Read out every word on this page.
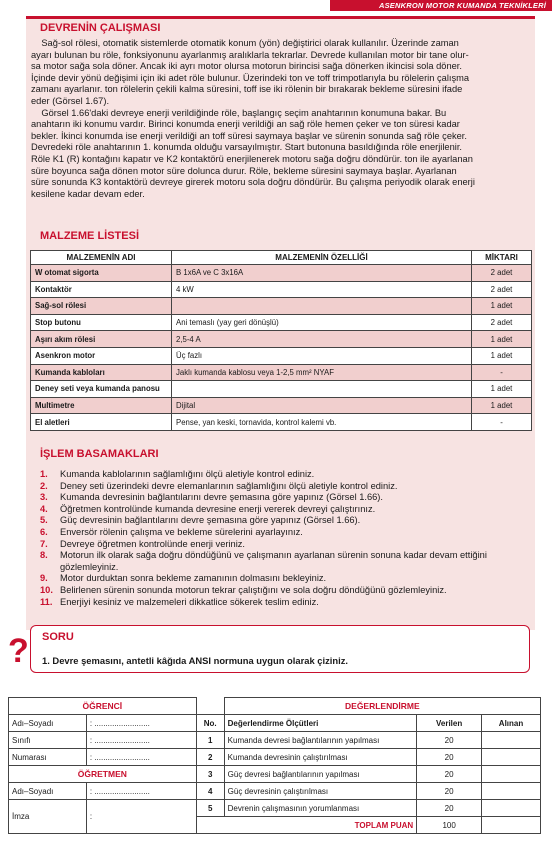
ASENKRON MOTOR KUMANDA TEKNİKLERİ
DEVRENİN ÇALIŞMASI
Sağ-sol rölesi, otomatik sistemlerde otomatik konum (yön) değiştirici olarak kullanılır. Üzerinde zaman
ayarı bulunan bu röle, fonksiyonunu ayarlanmış aralıklarla tekrarlar. Devrede kullanılan motor bir tane olur-
sa motor sağa sola döner. Ancak iki ayrı motor olursa motorun birincisi sağa dönerken ikincisi sola döner.
İçinde devir yönü değişimi için iki adet röle bulunur. Üzerindeki ton ve toff trimpotlarıyla bu rölelerin çalışma
zamanı ayarlanır. ton rölelerin çekili kalma süresini, toff ise iki rölenin bir bırakarak bekleme süresini ifade
eder (Görsel 1.67).
Görsel 1.66'daki devreye enerji verildiğinde röle, başlangıç seçim anahtarının konumuna bakar. Bu
anahtarın iki konumu vardır. Birinci konumda enerji verildiği an sağ röle hemen çeker ve ton süresi kadar
bekler. İkinci konumda ise enerji verildiği an toff süresi saymaya başlar ve sürenin sonunda sağ röle çeker.
Devredeki röle anahtarının 1. konumda olduğu varsayılmıştır. Start butonuna basıldığında röle enerjilenir.
Röle K1 (R) kontağını kapatır ve K2 kontaktörü enerjilenerek motoru sağa doğru döndürür. ton ile ayarlanan
süre boyunca sağa dönen motor süre dolunca durur. Röle, bekleme süresini saymaya başlar. Ayarlanan
süre sonunda K3 kontaktörü devreye girerek motoru sola doğru döndürür. Bu çalışma periyodik olarak enerji
kesilene kadar devam eder.
MALZEME LİSTESİ
MALZEMENİN ADI	MALZEMENİN ÖZELLİĞİ	MİKTARI
W otomat sigorta	B 1x6A ve C 3x16A	2 adet
Kontaktör	4 kW	2 adet
Sağ-sol rölesi		1 adet
Stop butonu	Ani temaslı (yay geri dönüşlü)	2 adet
Aşırı akım rölesi	2,5-4 A	1 adet
Asenkron motor	Üç fazlı	1 adet
Kumanda kabloları	Jaklı kumanda kablosu veya 1-2,5 mm² NYAF	-
Deney seti veya kumanda panosu		1 adet
Multimetre	Dijital	1 adet
El aletleri	Pense, yan keski, tornavida, kontrol kalemi vb.	-
İŞLEM BASAMAKLARI
1. Kumanda kablolarının sağlamlığını ölçü aletiyle kontrol ediniz.
2. Deney seti üzerindeki devre elemanlarının sağlamlığını ölçü aletiyle kontrol ediniz.
3. Kumanda devresinin bağlantılarını devre şemasına göre yapınız (Görsel 1.66).
4. Öğretmen kontrolünde kumanda devresine enerji vererek devreyi çalıştırınız.
5. Güç devresinin bağlantılarını devre şemasına göre yapınız (Görsel 1.66).
6. Enversör rölenin çalışma ve bekleme sürelerini ayarlayınız.
7. Devreye öğretmen kontrolünde enerji veriniz.
8. Motorun ilk olarak sağa doğru döndüğünü ve çalışmanın ayarlanan sürenin sonuna kadar devam ettiğini gözlemleyiniz.
9. Motor durduktan sonra bekleme zamanının dolmasını bekleyiniz.
10. Belirlenen sürenin sonunda motorun tekrar çalıştığını ve sola doğru döndüğünü gözlemleyiniz.
11. Enerjiyi kesiniz ve malzemeleri dikkatlice sökerek teslim ediniz.
? SORU
1. Devre şemasını, antetli kâğıda ANSI normuna uygun olarak çiziniz.
ÖĞRENCİ			DEĞERLENDİRME		
Adı–Soyadı	: .........................	No.	Değerlendirme Ölçütleri	Verilen	Alınan
Sınıfı	: .........................	1	Kumanda devresi bağlantılarının yapılması	20	
Numarası	: .........................	2	Kumanda devresinin çalıştırılması	20	
ÖĞRETMEN		3	Güç devresi bağlantılarının yapılması	20	
Adı–Soyadı	: .........................	4	Güç devresinin çalıştırılması	20	
İmza	:	5	Devrenin çalışmasının yorumlanması	20	
		TOPLAM PUAN		100	
